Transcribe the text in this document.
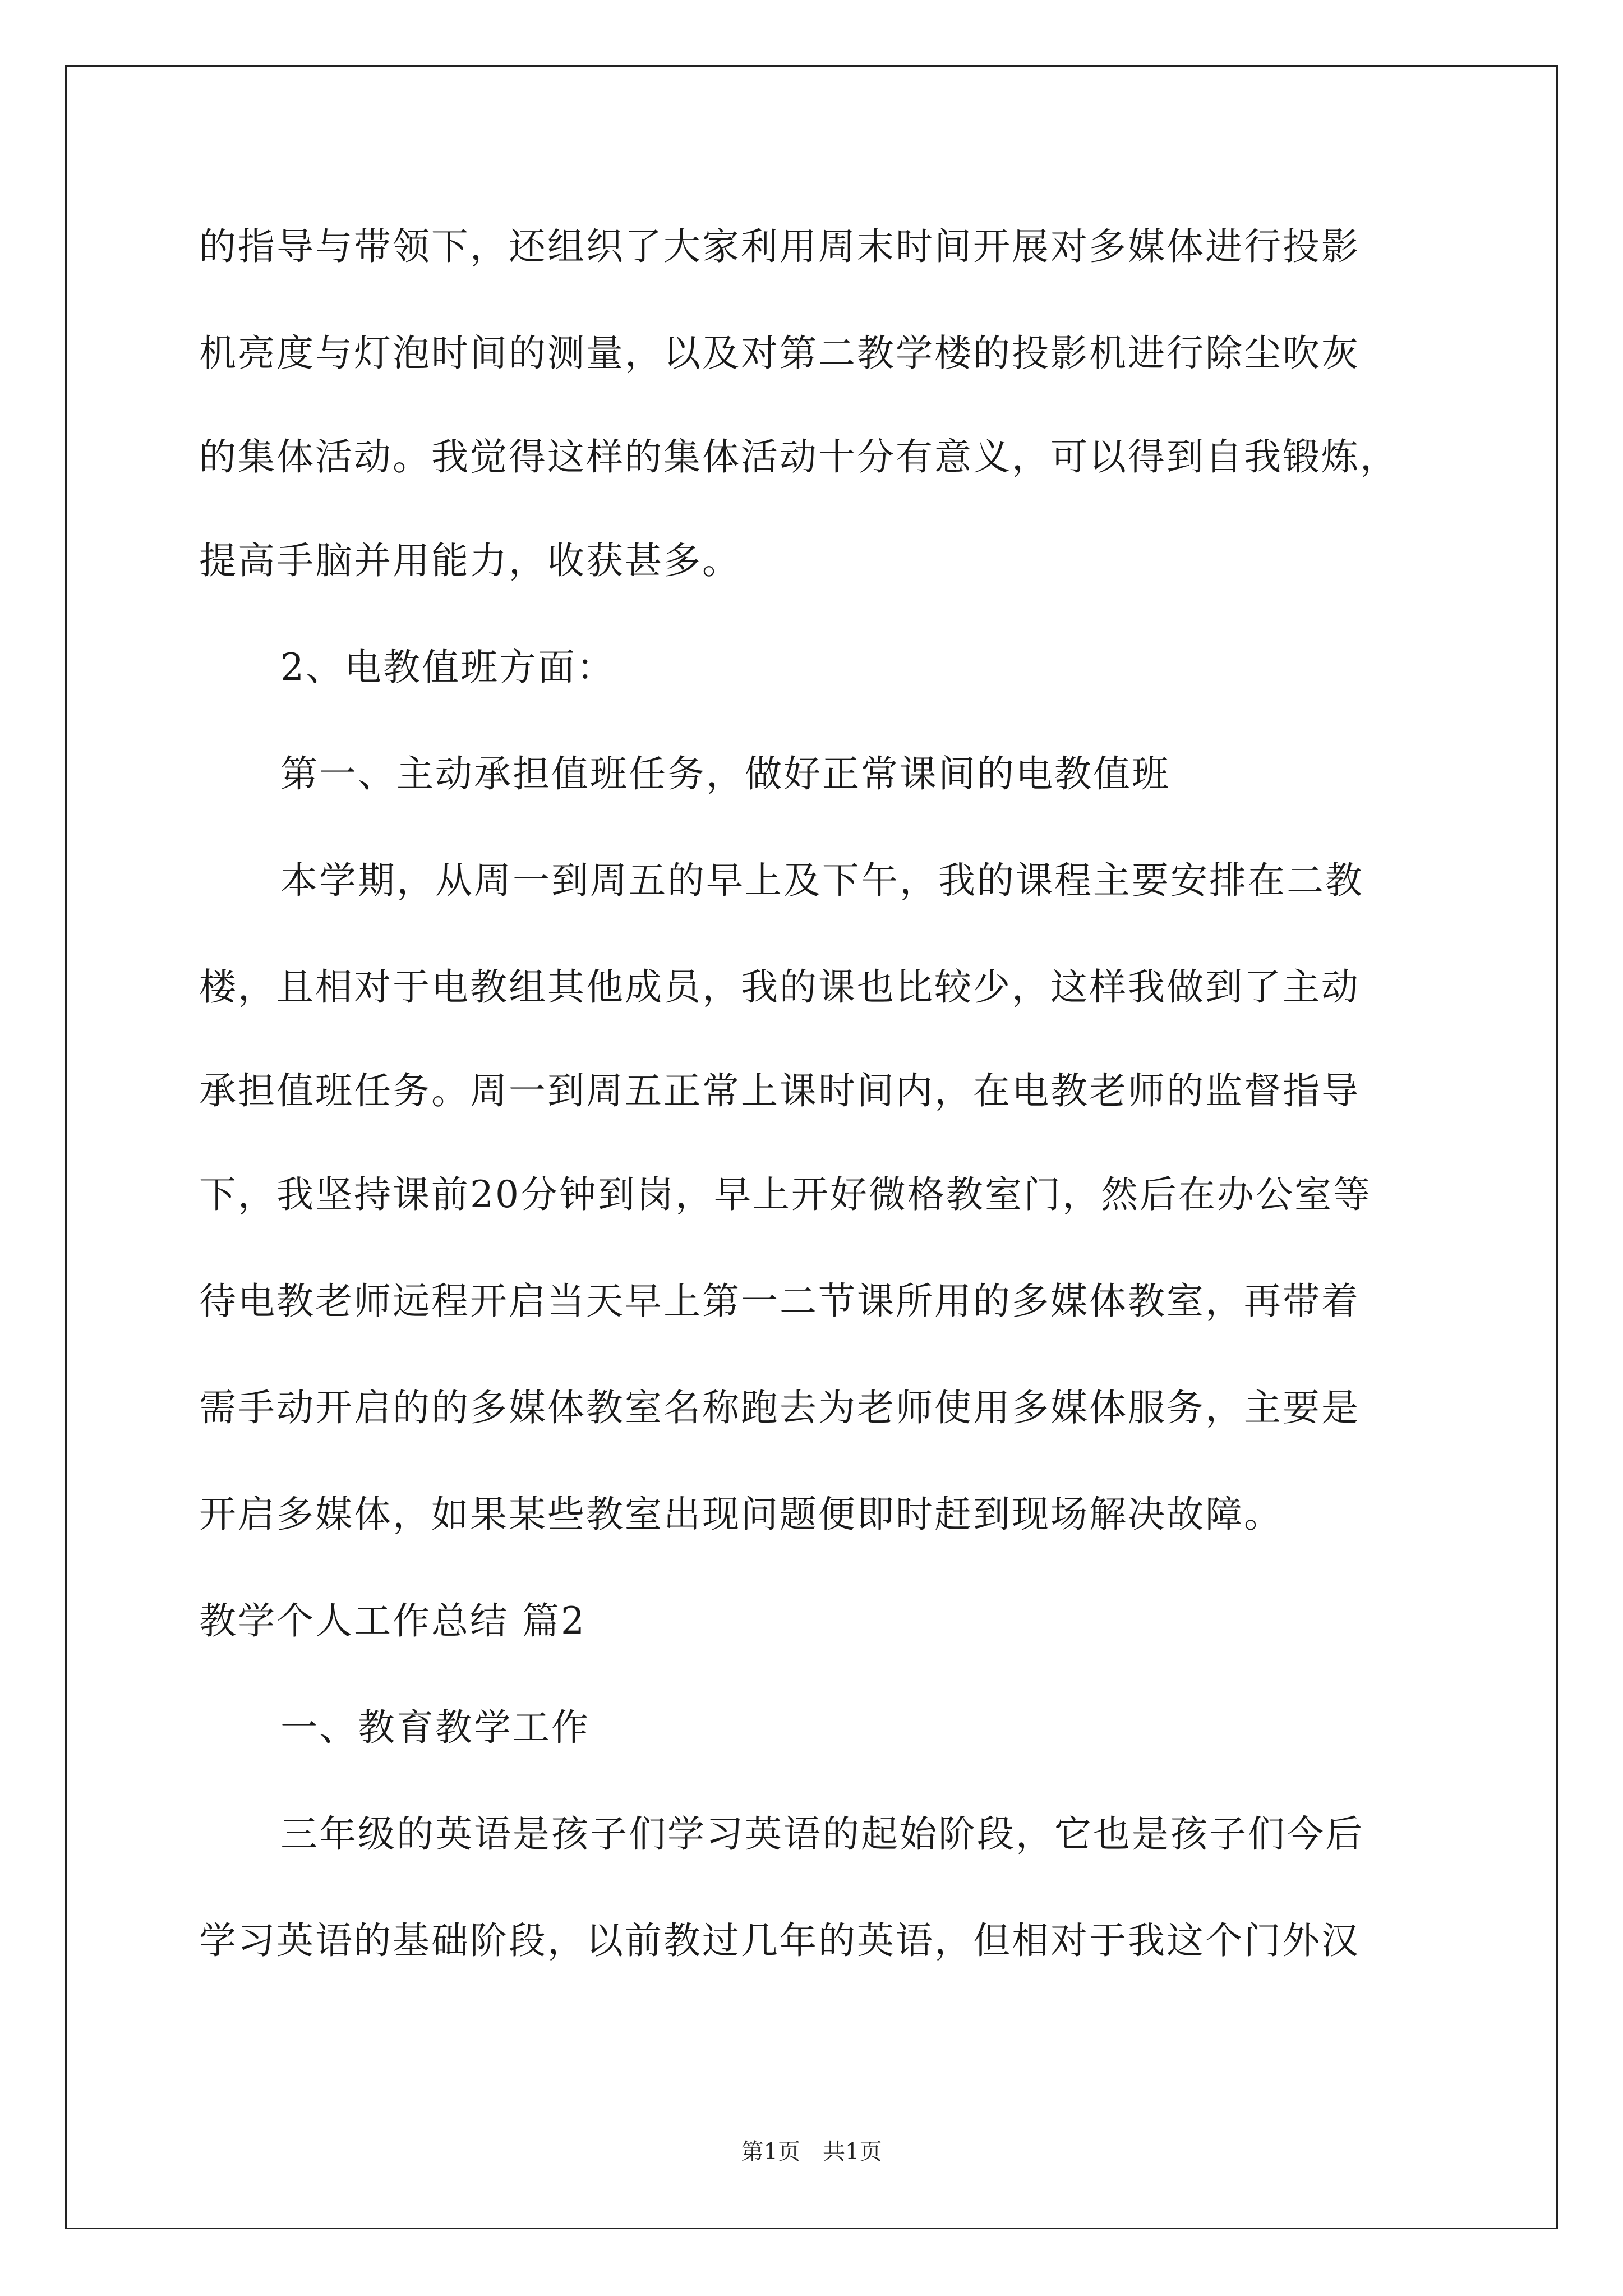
的指导与带领下，还组织了大家利用周末时间开展对多媒体进行投影
机亮度与灯泡时间的测量，以及对第二教学楼的投影机进行除尘吹灰
的集体活动。我觉得这样的集体活动十分有意义，可以得到自我锻炼，
提高手脑并用能力，收获甚多。
2、电教值班方面：
第一、主动承担值班任务，做好正常课间的电教值班
本学期，从周一到周五的早上及下午，我的课程主要安排在二教
楼，且相对于电教组其他成员，我的课也比较少，这样我做到了主动
承担值班任务。周一到周五正常上课时间内，在电教老师的监督指导
下，我坚持课前20分钟到岗，早上开好微格教室门，然后在办公室等
待电教老师远程开启当天早上第一二节课所用的多媒体教室，再带着
需手动开启的的多媒体教室名称跑去为老师使用多媒体服务，主要是
开启多媒体，如果某些教室出现问题便即时赶到现场解决故障。
教学个人工作总结 篇2
一、教育教学工作
三年级的英语是孩子们学习英语的起始阶段，它也是孩子们今后
学习英语的基础阶段，以前教过几年的英语，但相对于我这个门外汉
第1页　共1页
